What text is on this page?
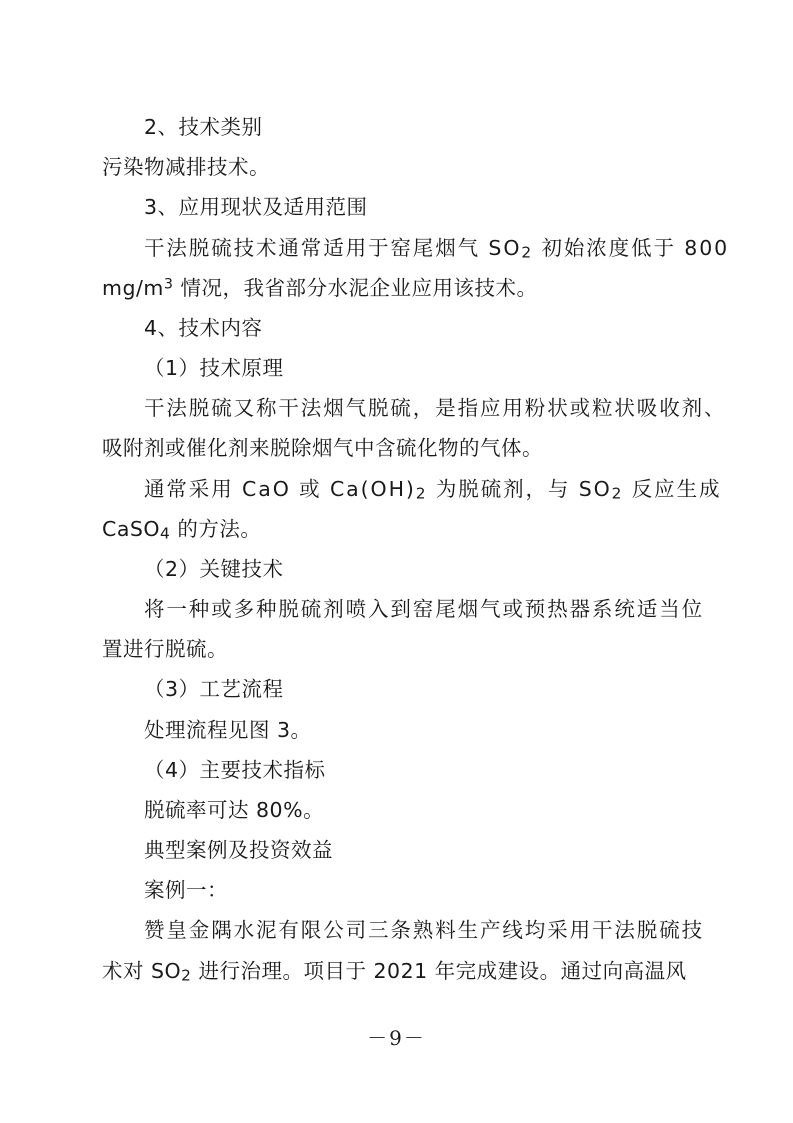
2、技术类别
污染物减排技术。
3、应用现状及适用范围
干法脱硫技术通常适用于窑尾烟气 $SO_2$ 初始浓度低于 800
$mg/m^3$ 情况，我省部分水泥企业应用该技术。
4、技术内容
（1）技术原理
干法脱硫又称干法烟气脱硫，是指应用粉状或粒状吸收剂、
吸附剂或催化剂来脱除烟气中含硫化物的气体。
通常采用 CaO 或 $Ca(OH)_2$ 为脱硫剂，与 $SO_2$ 反应生成
CaSO$_4$ 的方法。
（2）关键技术
将一种或多种脱硫剂喷入到窑尾烟气或预热器系统适当位
置进行脱硫。
（3）工艺流程
处理流程见图 3。
（4）主要技术指标
脱硫率可达 80%。
典型案例及投资效益
案例一：
赞皇金隅水泥有限公司三条熟料生产线均采用干法脱硫技
术对 $SO_2$ 进行治理。项目于 2021 年完成建设。通过向高温风
－9－
